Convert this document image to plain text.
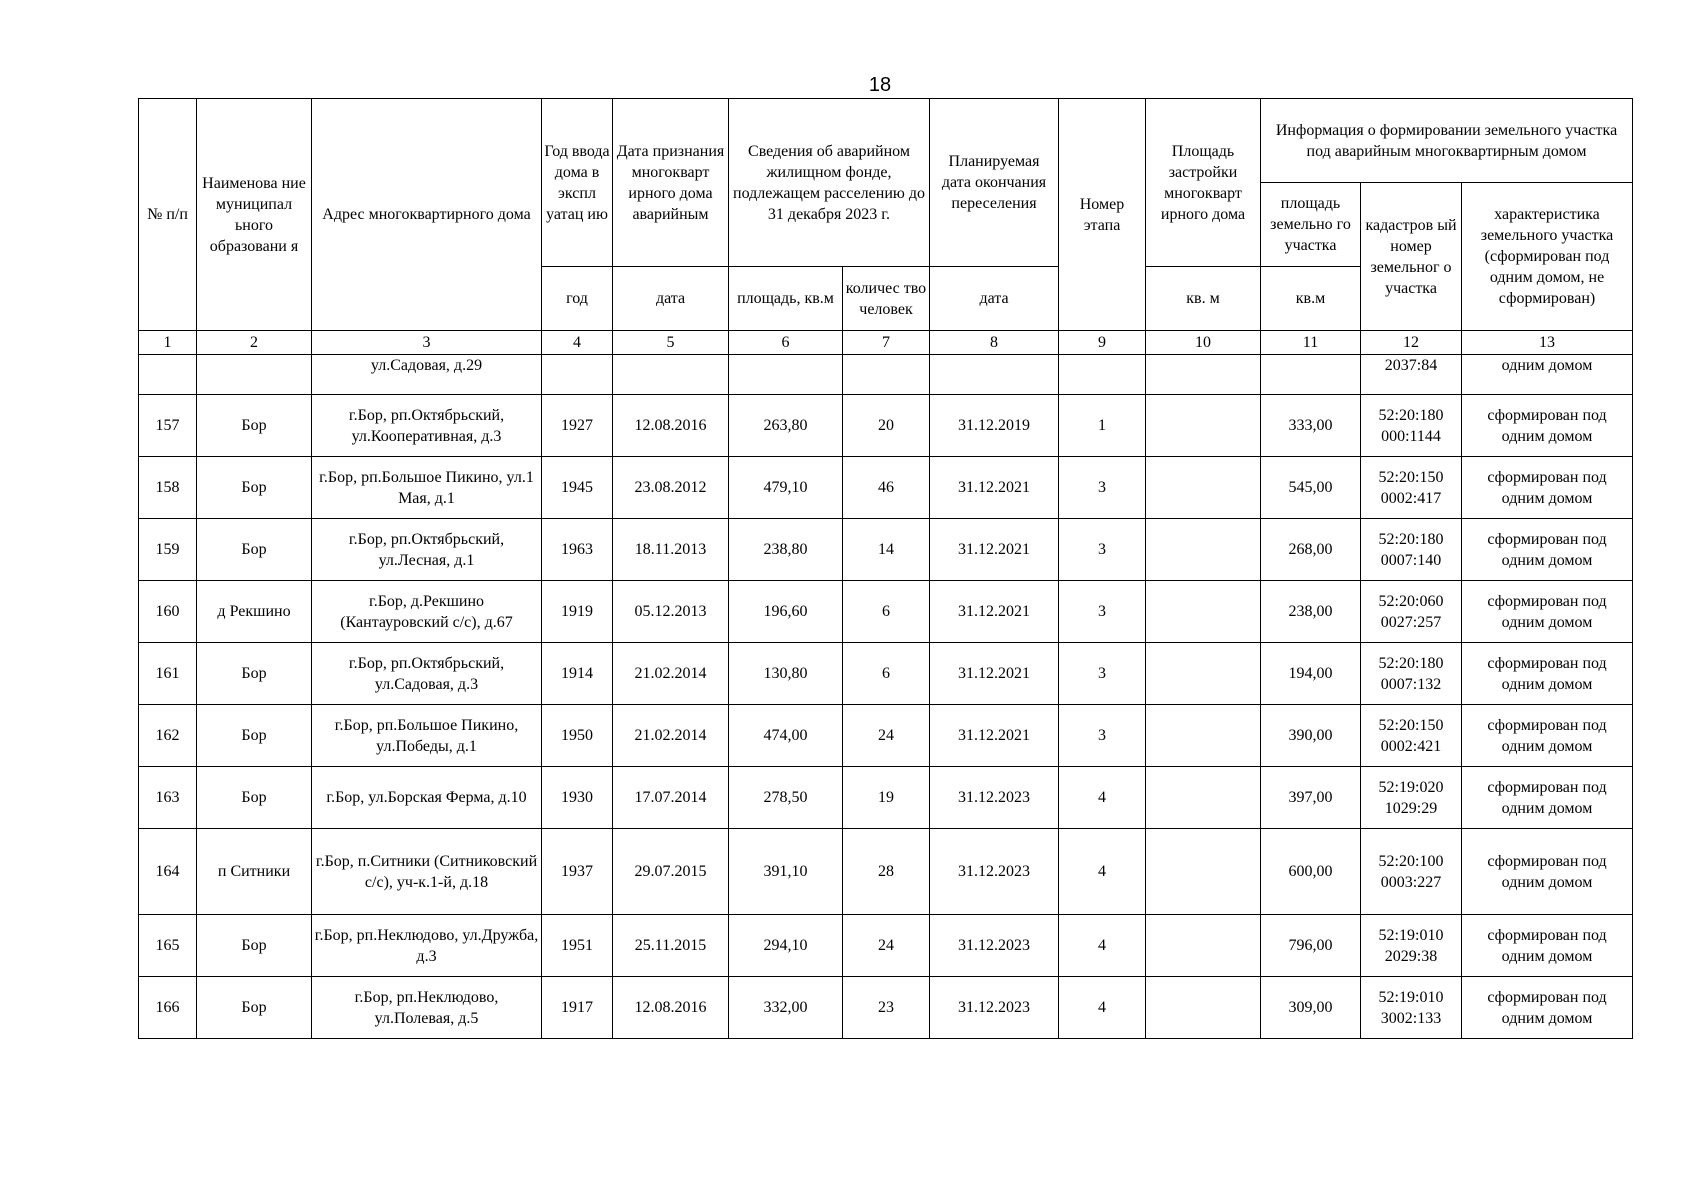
18
№ п/п	Наименова ние муниципал ьного образовани я	Адрес многоквартирного дома	Год ввода дома в экспл уатац ию	Дата признания многокварт ирного дома аварийным	Сведения об аварийном жилищном фонде, подлежащем расселению до 31 декабря 2023 г.		Планируемая дата окончания переселения	Номер этапа	Площадь застройки многокварт ирного дома	Информация о формировании земельного участка под аварийным многоквартирным домом		
										площадь земельно го участка	кадастров ый номер земельног о участка	характеристика земельного участка (сформирован под одним домом, не сформирован)
			год	дата	площадь, кв.м	количес тво человек	дата		кв. м	кв.м		
1	2	3	4	5	6	7	8	9	10	11	12	13
		ул.Садовая, д.29									2037:84	одним домом
157	Бор	г.Бор, рп.Октябрьский, ул.Кооперативная, д.3	1927	12.08.2016	263,80	20	31.12.2019	1		333,00	52:20:180 000:1144	сформирован под одним домом
158	Бор	г.Бор, рп.Большое Пикино, ул.1 Мая, д.1	1945	23.08.2012	479,10	46	31.12.2021	3		545,00	52:20:150 0002:417	сформирован под одним домом
159	Бор	г.Бор, рп.Октябрьский, ул.Лесная, д.1	1963	18.11.2013	238,80	14	31.12.2021	3		268,00	52:20:180 0007:140	сформирован под одним домом
160	д Рекшино	г.Бор, д.Рекшино (Кантауровский с/с), д.67	1919	05.12.2013	196,60	6	31.12.2021	3		238,00	52:20:060 0027:257	сформирован под одним домом
161	Бор	г.Бор, рп.Октябрьский, ул.Садовая, д.3	1914	21.02.2014	130,80	6	31.12.2021	3		194,00	52:20:180 0007:132	сформирован под одним домом
162	Бор	г.Бор, рп.Большое Пикино, ул.Победы, д.1	1950	21.02.2014	474,00	24	31.12.2021	3		390,00	52:20:150 0002:421	сформирован под одним домом
163	Бор	г.Бор, ул.Борская Ферма, д.10	1930	17.07.2014	278,50	19	31.12.2023	4		397,00	52:19:020 1029:29	сформирован под одним домом
164	п Ситники	г.Бор, п.Ситники (Ситниковский с/с), уч-к.1-й, д.18	1937	29.07.2015	391,10	28	31.12.2023	4		600,00	52:20:100 0003:227	сформирован под одним домом
165	Бор	г.Бор, рп.Неклюдово, ул.Дружба, д.3	1951	25.11.2015	294,10	24	31.12.2023	4		796,00	52:19:010 2029:38	сформирован под одним домом
166	Бор	г.Бор, рп.Неклюдово, ул.Полевая, д.5	1917	12.08.2016	332,00	23	31.12.2023	4		309,00	52:19:010 3002:133	сформирован под одним домом
